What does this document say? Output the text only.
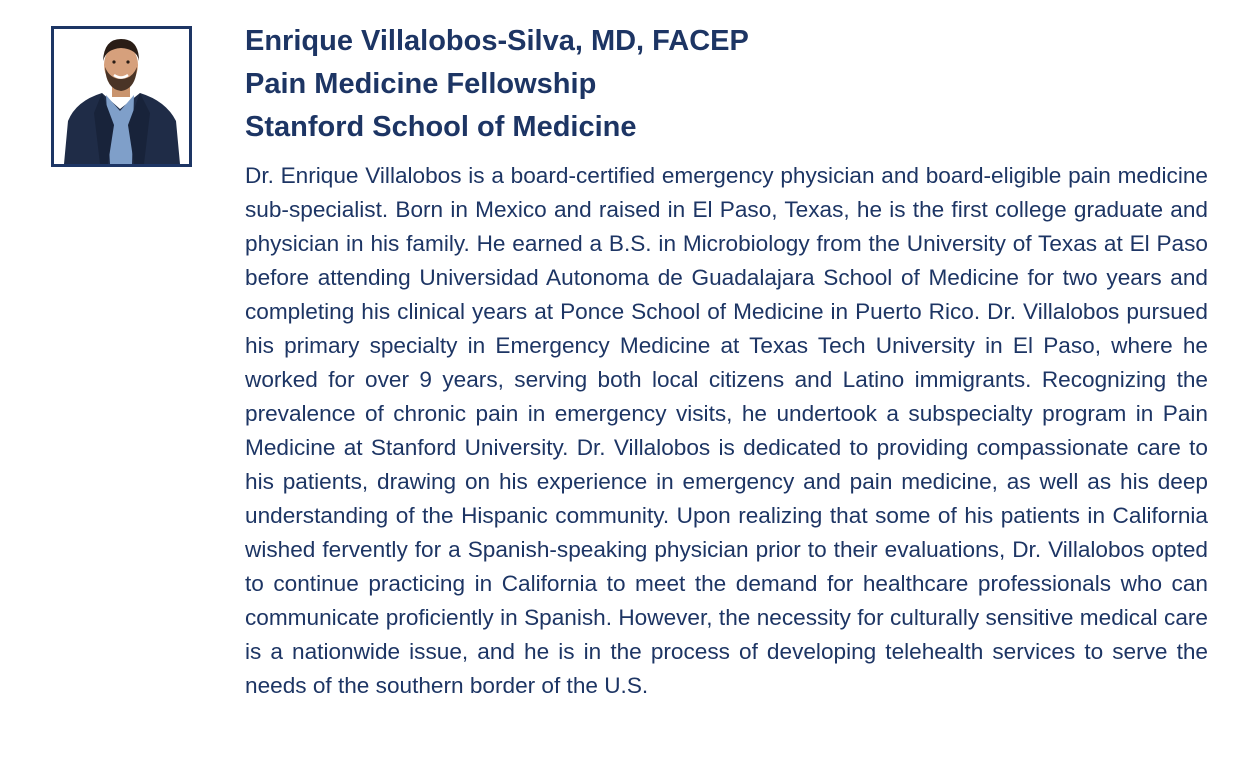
Enrique Villalobos-Silva, MD, FACEP
Pain Medicine Fellowship
Stanford School of Medicine

Dr. Enrique Villalobos is a board-certified emergency physician and board-eligible pain medicine sub-specialist. Born in Mexico and raised in El Paso, Texas, he is the first college graduate and physician in his family. He earned a B.S. in Microbiology from the University of Texas at El Paso before attending Universidad Autonoma de Guadalajara School of Medicine for two years and completing his clinical years at Ponce School of Medicine in Puerto Rico. Dr. Villalobos pursued his primary specialty in Emergency Medicine at Texas Tech University in El Paso, where he worked for over 9 years, serving both local citizens and Latino immigrants. Recognizing the prevalence of chronic pain in emergency visits, he undertook a subspecialty program in Pain Medicine at Stanford University. Dr. Villalobos is dedicated to providing compassionate care to his patients, drawing on his experience in emergency and pain medicine, as well as his deep understanding of the Hispanic community. Upon realizing that some of his patients in California wished fervently for a Spanish-speaking physician prior to their evaluations, Dr. Villalobos opted to continue practicing in California to meet the demand for healthcare professionals who can communicate proficiently in Spanish. However, the necessity for culturally sensitive medical care is a nationwide issue, and he is in the process of developing telehealth services to serve the needs of the southern border of the U.S.
